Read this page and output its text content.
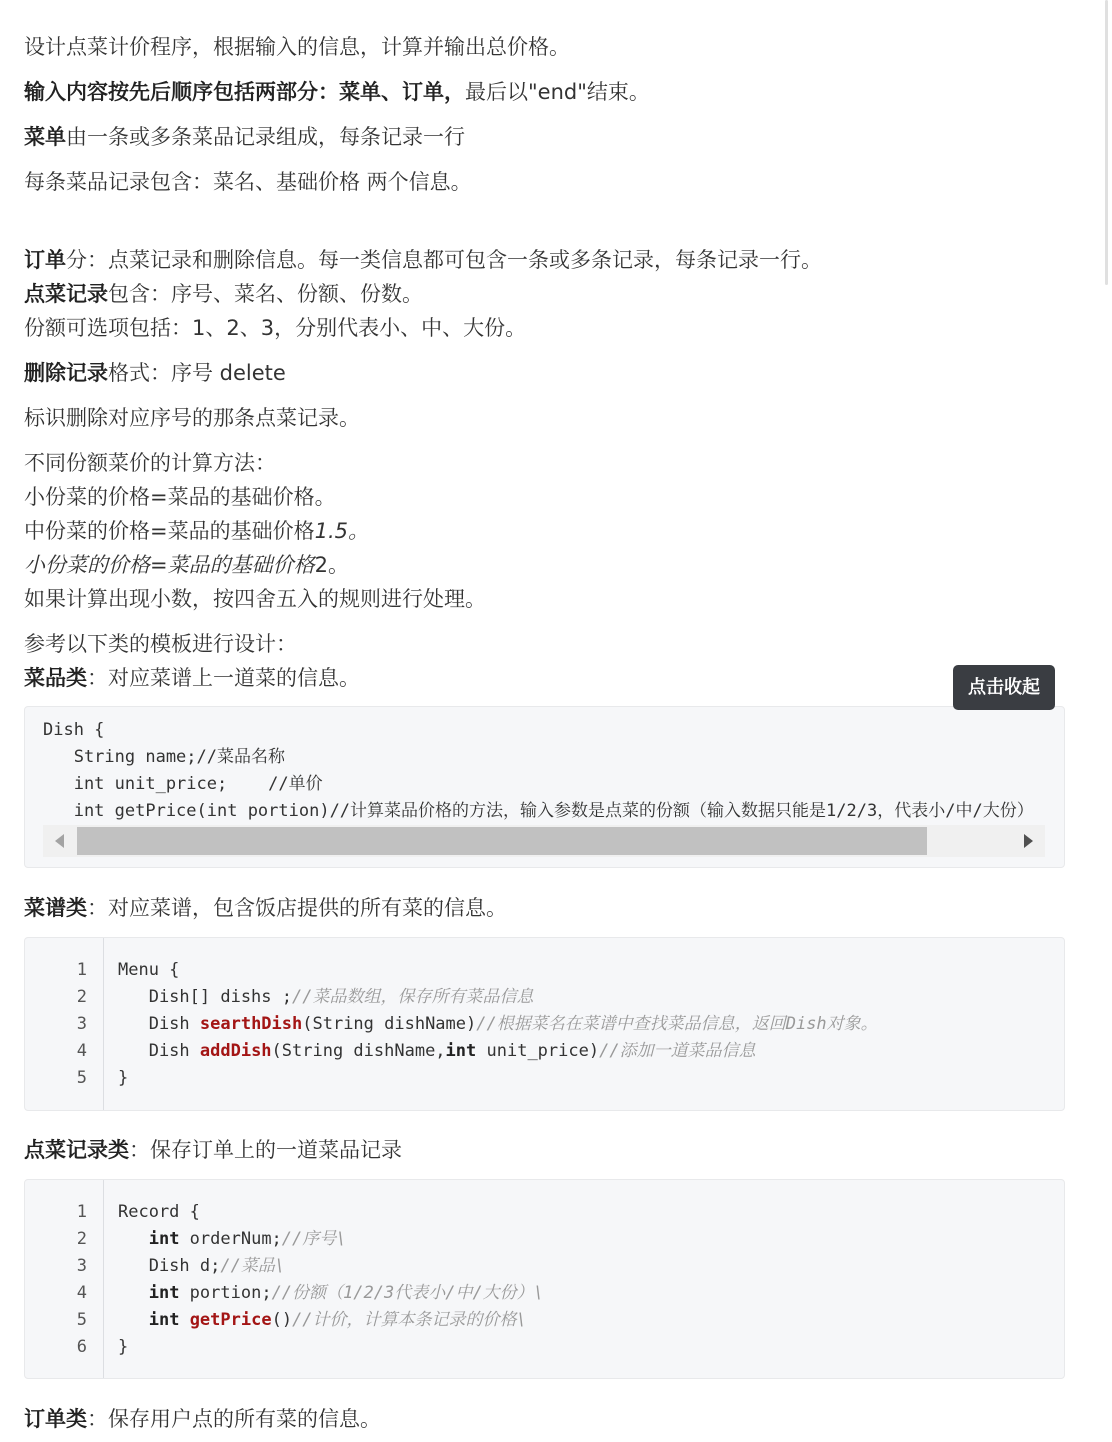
设计点菜计价程序，根据输入的信息，计算并输出总价格。
输入内容按先后顺序包括两部分：菜单、订单，最后以"end"结束。
菜单由一条或多条菜品记录组成，每条记录一行
每条菜品记录包含：菜名、基础价格 两个信息。
订单分：点菜记录和删除信息。每一类信息都可包含一条或多条记录，每条记录一行。
点菜记录包含：序号、菜名、份额、份数。
份额可选项包括：1、2、3，分别代表小、中、大份。
删除记录格式：序号 delete
标识删除对应序号的那条点菜记录。
不同份额菜价的计算方法：
小份菜的价格=菜品的基础价格。
中份菜的价格=菜品的基础价格1.5。
小份菜的价格=菜品的基础价格2。
如果计算出现小数，按四舍五入的规则进行处理。
参考以下类的模板进行设计：
菜品类：对应菜谱上一道菜的信息。
Dish {
String name;//菜品名称
int unit_price;    //单价
int getPrice(int portion)//计算菜品价格的方法，输入参数是点菜的份额（输入数据只能是1/2/3，代表小/中/大份）
菜谱类：对应菜谱，包含饭店提供的所有菜的信息。
1
2
3
4
5
Menu {
Dish[] dishs ;//菜品数组，保存所有菜品信息
Dish searthDish(String dishName)//根据菜名在菜谱中查找菜品信息，返回Dish对象。
Dish addDish(String dishName,int unit_price)//添加一道菜品信息
}
点菜记录类：保存订单上的一道菜品记录
1
2
3
4
5
6
Record {
int orderNum;//序号\
Dish d;//菜品\
int portion;//份额（1/2/3代表小/中/大份）\
int getPrice()//计价，计算本条记录的价格\
}
订单类：保存用户点的所有菜的信息。
点击收起
